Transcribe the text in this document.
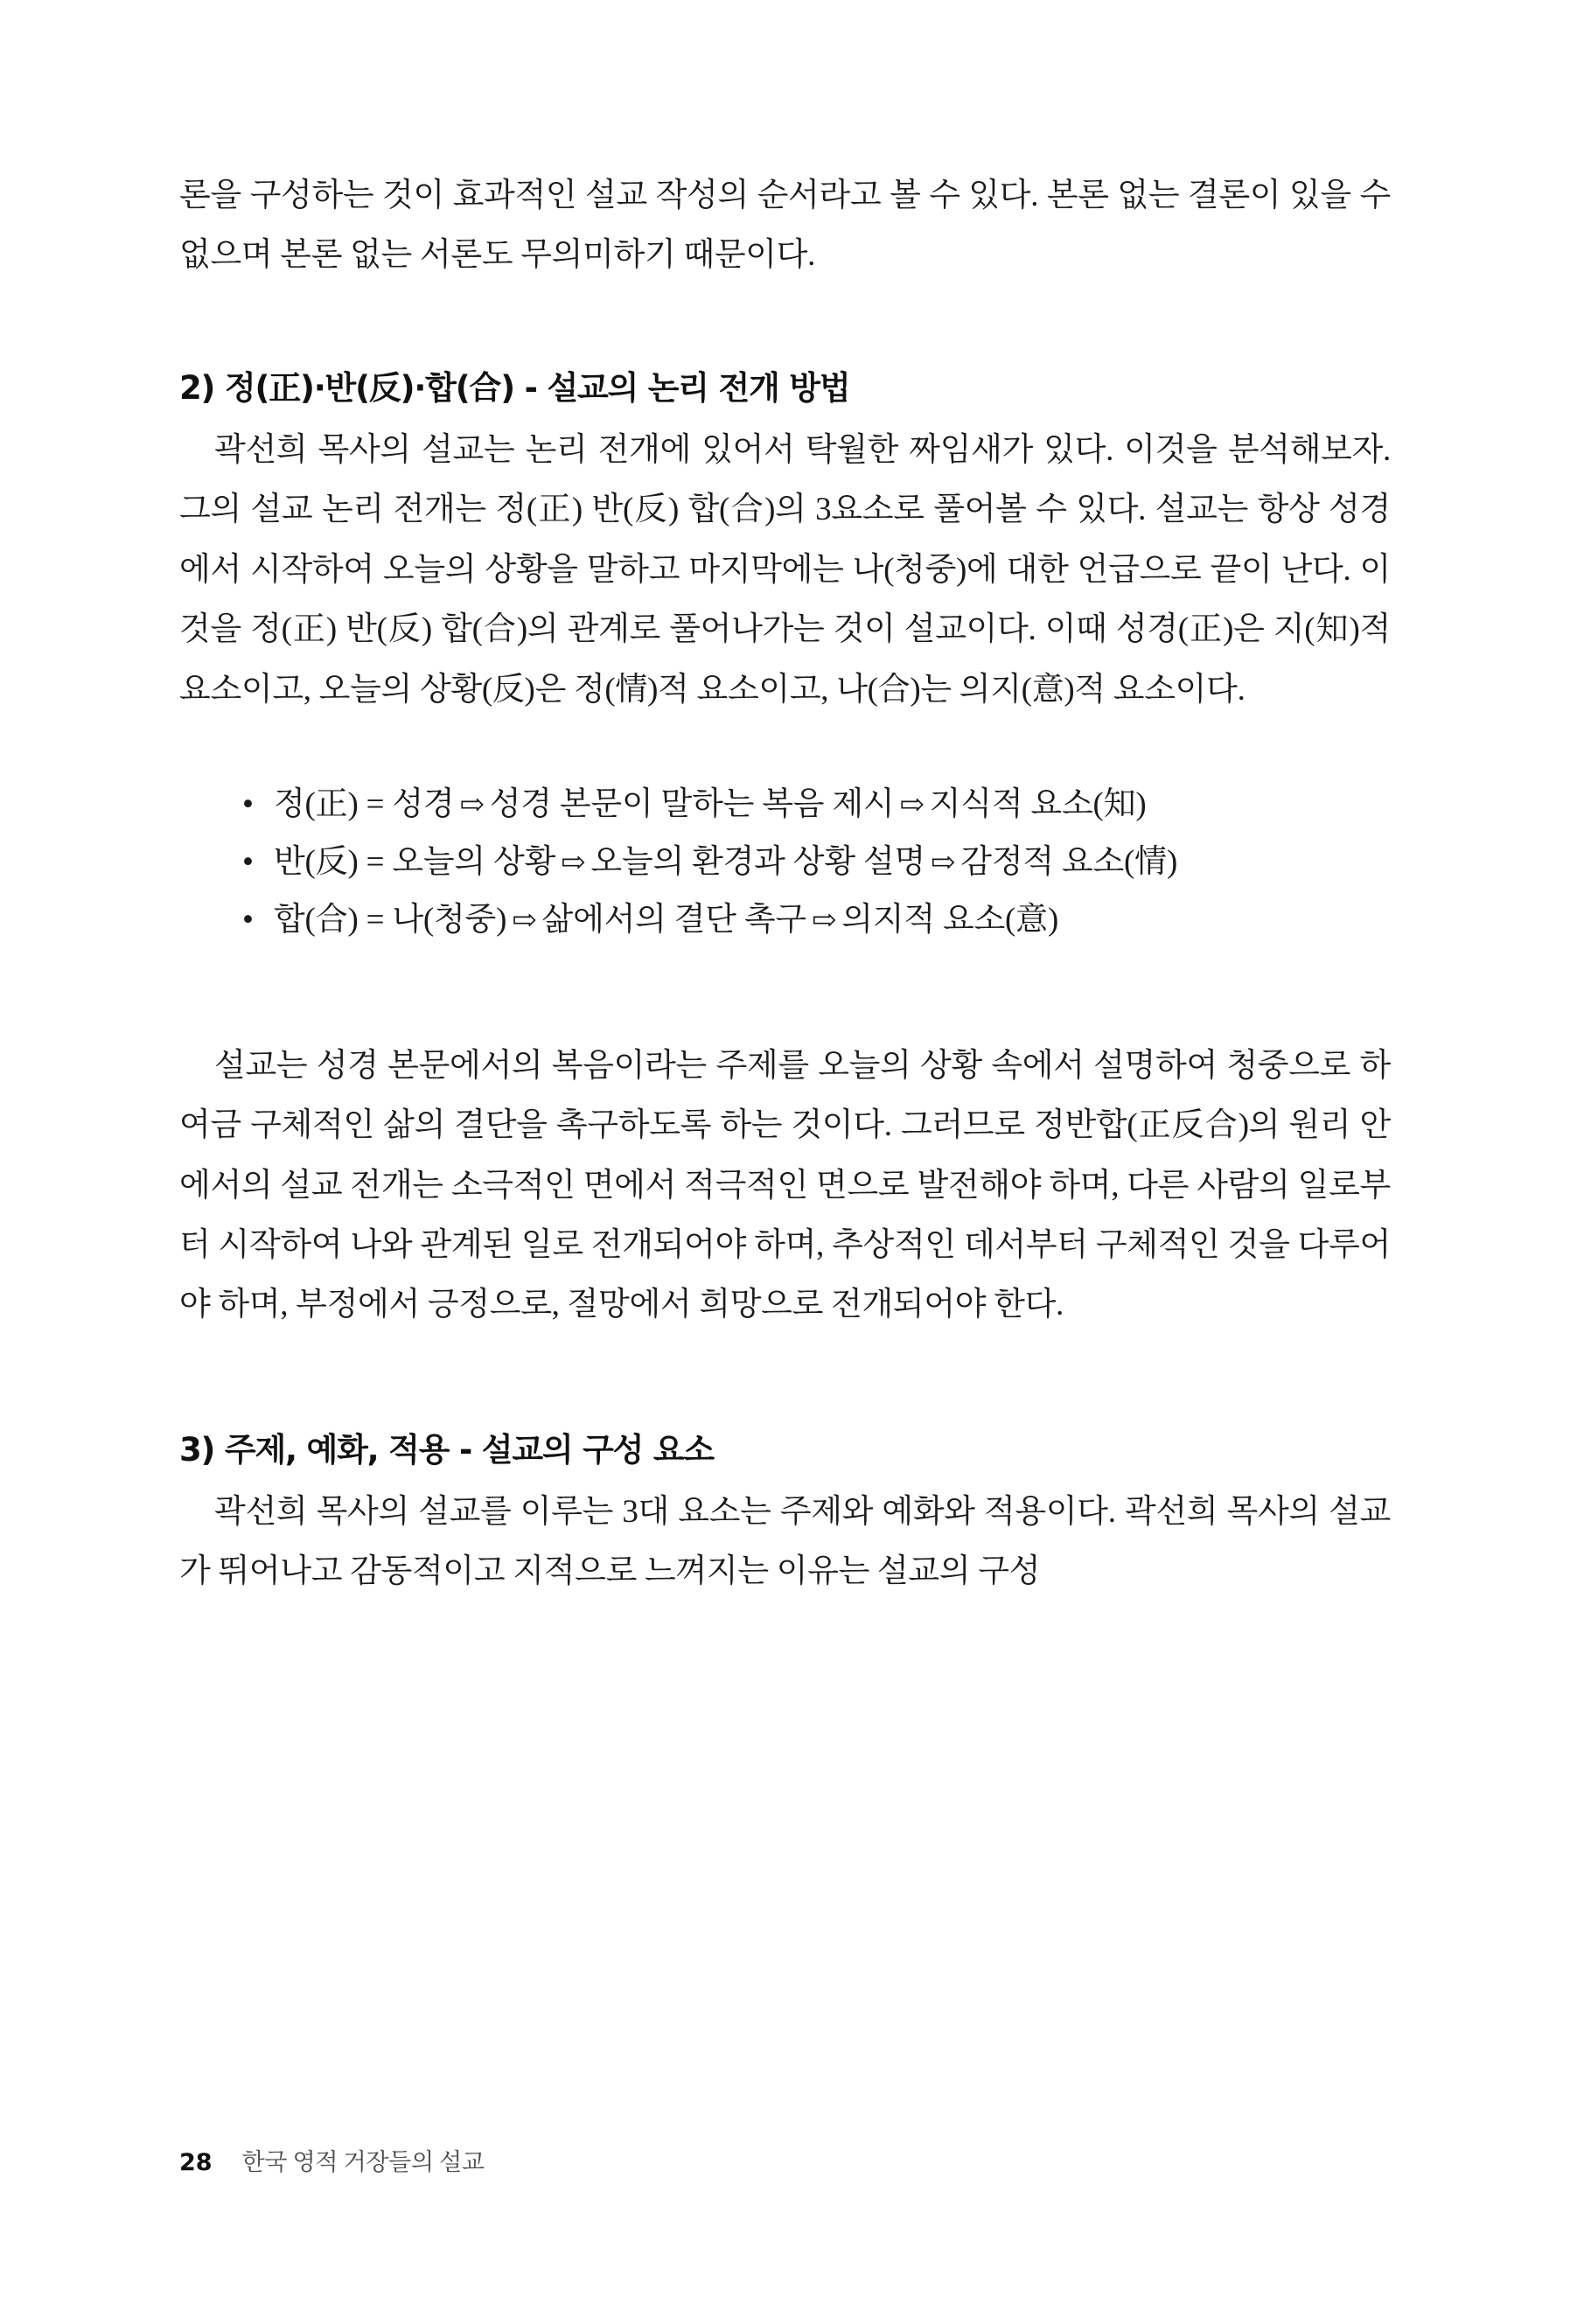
론을 구성하는 것이 효과적인 설교 작성의 순서라고 볼 수 있다. 본론 없는 결론이 있을 수 없으며 본론 없는 서론도 무의미하기 때문이다.

2) 정(正)·반(反)·합(合) - 설교의 논리 전개 방법

곽선희 목사의 설교는 논리 전개에 있어서 탁월한 짜임새가 있다. 이것을 분석해보자. 그의 설교 논리 전개는 정(正) 반(反) 합(合)의 3요소로 풀어볼 수 있다. 설교는 항상 성경에서 시작하여 오늘의 상황을 말하고 마지막에는 나(청중)에 대한 언급으로 끝이 난다. 이것을 정(正) 반(反) 합(合)의 관계로 풀어나가는 것이 설교이다. 이때 성경(正)은 지(知)적 요소이고, 오늘의 상황(反)은 정(情)적 요소이고, 나(合)는 의지(意)적 요소이다.

• 정(正) = 성경 ⇨ 성경 본문이 말하는 복음 제시 ⇨ 지식적 요소(知)
• 반(反) = 오늘의 상황 ⇨ 오늘의 환경과 상황 설명 ⇨ 감정적 요소(情)
• 합(合) = 나(청중) ⇨ 삶에서의 결단 촉구 ⇨ 의지적 요소(意)

설교는 성경 본문에서의 복음이라는 주제를 오늘의 상황 속에서 설명하여 청중으로 하여금 구체적인 삶의 결단을 촉구하도록 하는 것이다. 그러므로 정반합(正反合)의 원리 안에서의 설교 전개는 소극적인 면에서 적극적인 면으로 발전해야 하며, 다른 사람의 일로부터 시작하여 나와 관계된 일로 전개되어야 하며, 추상적인 데서부터 구체적인 것을 다루어야 하며, 부정에서 긍정으로, 절망에서 희망으로 전개되어야 한다.

3) 주제, 예화, 적용 - 설교의 구성 요소

곽선희 목사의 설교를 이루는 3대 요소는 주제와 예화와 적용이다. 곽선희 목사의 설교가 뛰어나고 감동적이고 지적으로 느껴지는 이유는 설교의 구성

28 한국 영적 거장들의 설교
